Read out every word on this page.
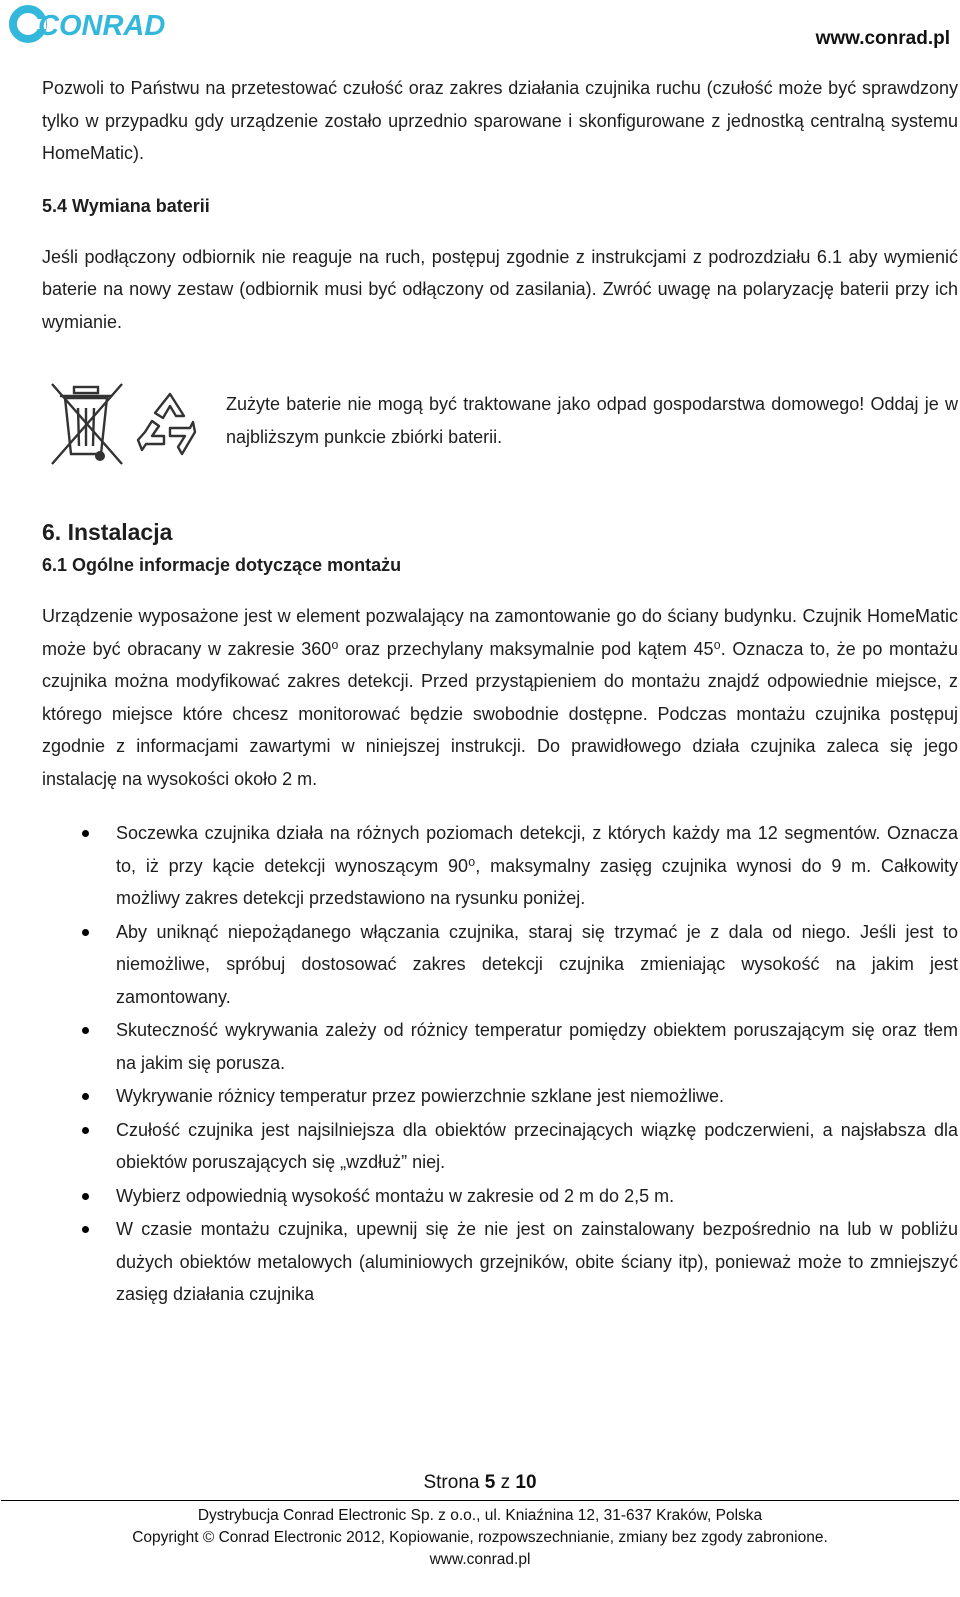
CONRAD	www.conrad.pl

Pozwoli to Państwu na przetestować czułość oraz zakres działania czujnika ruchu (czułość może być sprawdzony tylko w przypadku gdy urządzenie zostało uprzednio sparowane i skonfigurowane z jednostką centralną systemu HomeMatic).

5.4 Wymiana baterii

Jeśli podłączony odbiornik nie reaguje na ruch, postępuj zgodnie z instrukcjami z podrozdziału 6.1 aby wymienić baterie na nowy zestaw (odbiornik musi być odłączony od zasilania). Zwróć uwagę na polaryzację baterii przy ich wymianie.

Zużyte baterie nie mogą być traktowane jako odpad gospodarstwa domowego! Oddaj je w najbliższym punkcie zbiórki baterii.

6. Instalacja
6.1 Ogólne informacje dotyczące montażu

Urządzenie wyposażone jest w element pozwalający na zamontowanie go do ściany budynku. Czujnik HomeMatic może być obracany w zakresie 360⁰ oraz przechylany maksymalnie pod kątem 45⁰. Oznacza to, że po montażu czujnika można modyfikować zakres detekcji. Przed przystąpieniem do montażu znajdź odpowiednie miejsce, z którego miejsce które chcesz monitorować będzie swobodnie dostępne. Podczas montażu czujnika postępuj zgodnie z informacjami zawartymi w niniejszej instrukcji. Do prawidłowego działa czujnika zaleca się jego instalację na wysokości około 2 m.

Soczewka czujnika działa na różnych poziomach detekcji, z których każdy ma 12 segmentów. Oznacza to, iż przy kącie detekcji wynoszącym 90⁰, maksymalny zasięg czujnika wynosi do 9 m. Całkowity możliwy zakres detekcji przedstawiono na rysunku poniżej.
Aby uniknąć niepożądanego włączania czujnika, staraj się trzymać je z dala od niego. Jeśli jest to niemożliwe, spróbuj dostosować zakres detekcji czujnika zmieniając wysokość na jakim jest zamontowany.
Skuteczność wykrywania zależy od różnicy temperatur pomiędzy obiektem poruszającym się oraz tłem na jakim się porusza.
Wykrywanie różnicy temperatur przez powierzchnie szklane jest niemożliwe.
Czułość czujnika jest najsilniejsza dla obiektów przecinających wiązkę podczerwieni, a najsłabsza dla obiektów poruszających się „wzdłuż” niej.
Wybierz odpowiednią wysokość montażu w zakresie od 2 m do 2,5 m.
W czasie montażu czujnika, upewnij się że nie jest on zainstalowany bezpośrednio na lub w pobliżu dużych obiektów metalowych (aluminiowych grzejników, obite ściany itp), ponieważ może to zmniejszyć zasięg działania czujnika
Strona 5 z 10
Dystrybucja Conrad Electronic Sp. z o.o., ul. Kniaźnina 12, 31-637 Kraków, Polska
Copyright © Conrad Electronic 2012, Kopiowanie, rozpowszechnianie, zmiany bez zgody zabronione.
www.conrad.pl
